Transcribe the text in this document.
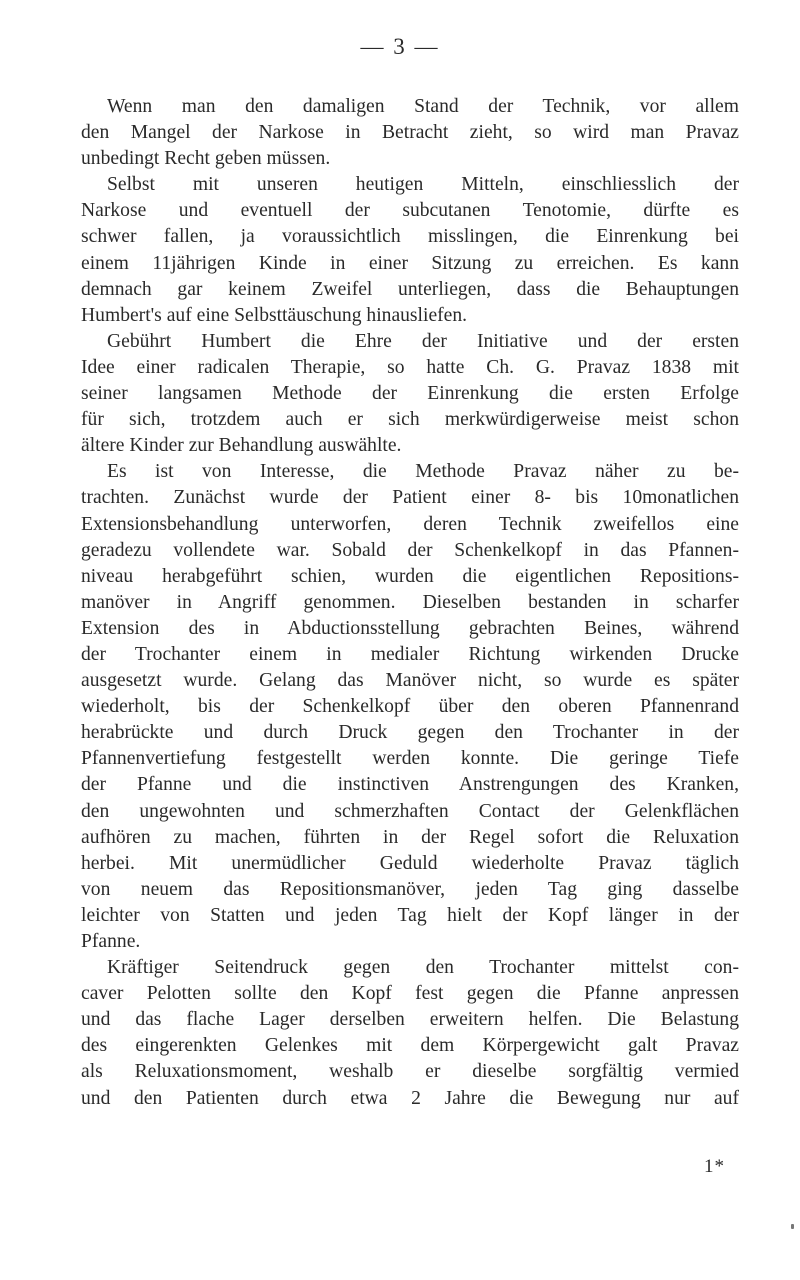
— 3 —
Wenn man den damaligen Stand der Technik, vor allem
den Mangel der Narkose in Betracht zieht, so wird man Pravaz
unbedingt Recht geben müssen.
Selbst mit unseren heutigen Mitteln, einschliesslich der
Narkose und eventuell der subcutanen Tenotomie, dürfte es
schwer fallen, ja voraussichtlich misslingen, die Einrenkung bei
einem 11jährigen Kinde in einer Sitzung zu erreichen. Es kann
demnach gar keinem Zweifel unterliegen, dass die Behauptungen
Humbert's auf eine Selbsttäuschung hinausliefen.
Gebührt Humbert die Ehre der Initiative und der ersten
Idee einer radicalen Therapie, so hatte Ch. G. Pravaz 1838 mit
seiner langsamen Methode der Einrenkung die ersten Erfolge
für sich, trotzdem auch er sich merkwürdigerweise meist schon
ältere Kinder zur Behandlung auswählte.
Es ist von Interesse, die Methode Pravaz näher zu be-
trachten. Zunächst wurde der Patient einer 8- bis 10monatlichen
Extensionsbehandlung unterworfen, deren Technik zweifellos eine
geradezu vollendete war. Sobald der Schenkelkopf in das Pfannen-
niveau herabgeführt schien, wurden die eigentlichen Repositions-
manöver in Angriff genommen. Dieselben bestanden in scharfer
Extension des in Abductionsstellung gebrachten Beines, während
der Trochanter einem in medialer Richtung wirkenden Drucke
ausgesetzt wurde. Gelang das Manöver nicht, so wurde es später
wiederholt, bis der Schenkelkopf über den oberen Pfannenrand
herabrückte und durch Druck gegen den Trochanter in der
Pfannenvertiefung festgestellt werden konnte. Die geringe Tiefe
der Pfanne und die instinctiven Anstrengungen des Kranken,
den ungewohnten und schmerzhaften Contact der Gelenkflächen
aufhören zu machen, führten in der Regel sofort die Reluxation
herbei. Mit unermüdlicher Geduld wiederholte Pravaz täglich
von neuem das Repositionsmanöver, jeden Tag ging dasselbe
leichter von Statten und jeden Tag hielt der Kopf länger in der
Pfanne.
Kräftiger Seitendruck gegen den Trochanter mittelst con-
caver Pelotten sollte den Kopf fest gegen die Pfanne anpressen
und das flache Lager derselben erweitern helfen. Die Belastung
des eingerenkten Gelenkes mit dem Körpergewicht galt Pravaz
als Reluxationsmoment, weshalb er dieselbe sorgfältig vermied
und den Patienten durch etwa 2 Jahre die Bewegung nur auf
1*
